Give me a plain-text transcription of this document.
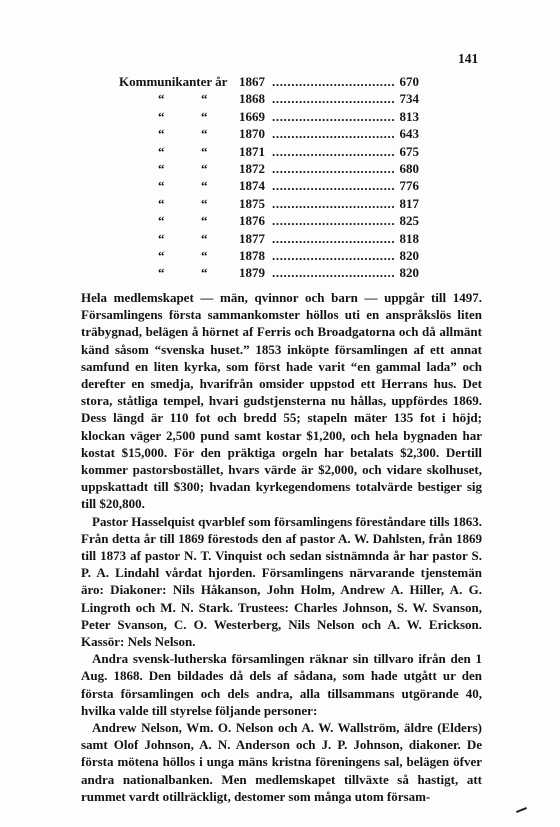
141
Kommunikanter år 1867 .....	670
“	“ 1868 .....	734
“	“ 1669 .....	813
“	“ 1870 .....	643
“	“ 1871 .....	675
“	“ 1872 .....	680
“	“ 1874 .....	776
“	“ 1875 .....	817
“	“ 1876 .....	825
“	“ 1877 .....	818
“	“ 1878 .....	820
“	“ 1879 .....	820

Hela medlemskapet — män, qvinnor och barn — uppgår till 1497. Församlingens första sammankomster höllos uti en anspråkslös liten träbygnad, belägen å hörnet af Ferris och Broadgatorna och då allmänt känd såsom “svenska huset.” 1853 inköpte församlingen af ett annat samfund en liten kyrka, som först hade varit “en gammal lada” och derefter en smedja, hvarifrån omsider uppstod ett Herrans hus. Det stora, ståtliga tempel, hvari gudstjensterna nu hållas, uppfördes 1869. Dess längd är 110 fot och bredd 55; stapeln mäter 135 fot i höjd; klockan väger 2,500 pund samt kostar $1,200, och hela bygnaden har kostat $15,000. För den präktiga orgeln har betalats $2,300. Dertill kommer pastorsbostället, hvars värde är $2,000, och vidare skolhuset, uppskattadt till $300; hvadan kyrkegendomens totalvärde bestiger sig till $20,800.

Pastor Hasselquist qvarblef som församlingens föreståndare tills 1863. Från detta år till 1869 förestods den af pastor A. W. Dahlsten, från 1869 till 1873 af pastor N. T. Vinquist och sedan sistnämnda år har pastor S. P. A. Lindahl vårdat hjorden. Församlingens närvarande tjenstemän äro: Diakoner: Nils Håkanson, John Holm, Andrew A. Hiller, A. G. Lingroth och M. N. Stark. Trustees: Charles Johnson, S. W. Svanson, Peter Svanson, C. O. Westerberg, Nils Nelson och A. W. Erickson. Kassör: Nels Nelson.

Andra svensk-lutherska församlingen räknar sin tillvaro ifrån den 1 Aug. 1868. Den bildades då dels af sådana, som hade utgått ur den första församlingen och dels andra, alla tillsammans utgörande 40, hvilka valde till styrelse följande personer:

Andrew Nelson, Wm. O. Nelson och A. W. Wallström, äldre (Elders) samt Olof Johnson, A. N. Anderson och J. P. Johnson, diakoner. De första mötena höllos i unga mäns kristna föreningens sal, belägen öfver andra nationalbanken. Men medlemskapet tillväxte så hastigt, att rummet vardt otillräckligt, destomer som många utom försam-
